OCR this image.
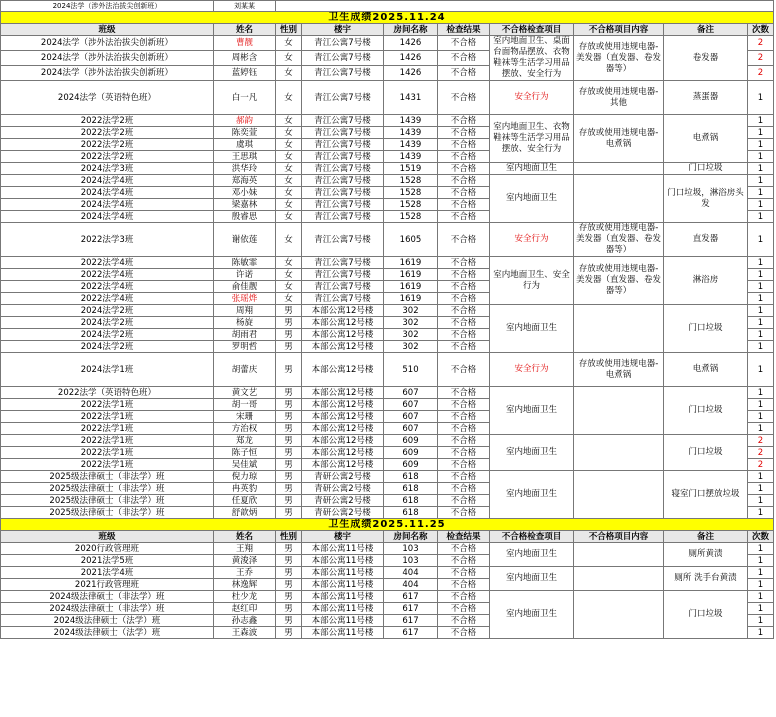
2024法学（涉外法治拔尖创新班）	刘某某								
卫生成绩2025.11.24									
班级	姓名	性别	楼宇	房间名称	检查结果	不合格检查项目	不合格项目内容	备注	次数
2024法学（涉外法治拔尖创新班）	曹靓	女	青江公寓7号楼	1426	不合格	室内地面卫生、桌面台面物品摆放、衣物鞋袜等生活学习用品摆放、安全行为	存放或使用违规电器-美发器（直发器、卷发器等）	卷发器	2
2024法学（涉外法治拔尖创新班）	周彬含	女	青江公寓7号楼	1426	不合格				2
2024法学（涉外法治拔尖创新班）	蓝婷钰	女	青江公寓7号楼	1426	不合格				2
2024法学（英语特色班）	白一凡	女	青江公寓7号楼	1431	不合格	安全行为	存放或使用违规电器-其他	蒸蛋器	1
2022法学2班	郝韵	女	青江公寓7号楼	1439	不合格	室内地面卫生、衣物鞋袜等生活学习用品摆放、安全行为	存放或使用违规电器-电煮锅	电煮锅	1
2022法学2班	陈奕萱	女	青江公寓7号楼	1439	不合格				1
2022法学2班	虞琪	女	青江公寓7号楼	1439	不合格				1
2022法学2班	王思琪	女	青江公寓7号楼	1439	不合格				1
2024法学3班	洪华玲	女	青江公寓7号楼	1519	不合格	室内地面卫生		门口垃圾	1
2024法学4班	郑海英	女	青江公寓7号楼	1528	不合格	室内地面卫生		门口垃圾，淋浴房头发	1
2024法学4班	邓小妹	女	青江公寓7号楼	1528	不合格				1
2024法学4班	梁嘉林	女	青江公寓7号楼	1528	不合格				1
2024法学4班	殷睿思	女	青江公寓7号楼	1528	不合格				1
2022法学3班	谢依莲	女	青江公寓7号楼	1605	不合格	安全行为	存放或使用违规电器-美发器（直发器、卷发器等）	直发器	1
2022法学4班	陈敏霏	女	青江公寓7号楼	1619	不合格	室内地面卫生、安全行为	存放或使用违规电器-美发器（直发器、卷发器等）	淋浴房	1
2022法学4班	许诺	女	青江公寓7号楼	1619	不合格				1
2022法学4班	俞佳靓	女	青江公寓7号楼	1619	不合格				1
2022法学4班	张瑶烨	女	青江公寓7号楼	1619	不合格				1
2024法学2班	周翔	男	本部公寓12号楼	302	不合格	室内地面卫生		门口垃圾	1
2024法学2班	杨旋	男	本部公寓12号楼	302	不合格				1
2024法学2班	胡雨君	男	本部公寓12号楼	302	不合格				1
2024法学2班	罗明哲	男	本部公寓12号楼	302	不合格				1
2024法学1班	胡蕾庆	男	本部公寓12号楼	510	不合格	安全行为	存放或使用违规电器-电煮锅	电煮锅	1
2022法学（英语特色班）	黄文艺	男	本部公寓12号楼	607	不合格	室内地面卫生		门口垃圾	1
2022法学1班	胡一哥	男	本部公寓12号楼	607	不合格				1
2022法学1班	宋珊	男	本部公寓12号楼	607	不合格				1
2022法学1班	方治权	男	本部公寓12号楼	607	不合格				1
2022法学1班	郑龙	男	本部公寓12号楼	609	不合格	室内地面卫生		门口垃圾	2
2022法学1班	陈子恒	男	本部公寓12号楼	609	不合格				2
2022法学1班	吴佳斌	男	本部公寓12号楼	609	不合格				2
2025级法律硕士（非法学）班	倪力琼	男	青研公寓2号楼	618	不合格	室内地面卫生		寝室门口摆放垃圾	1
2025级法律硕士（非法学）班	冉英豹	男	青研公寓2号楼	618	不合格				1
2025级法律硕士（非法学）班	任夏欣	男	青研公寓2号楼	618	不合格				1
2025级法律硕士（非法学）班	舒歆炳	男	青研公寓2号楼	618	不合格				1
卫生成绩2025.11.25									
班级	姓名	性别	楼宇	房间名称	检查结果	不合格检查项目	不合格项目内容	备注	次数
2020行政管理班	王翔	男	本部公寓11号楼	103	不合格	室内地面卫生		厕所黄渍	1
2021法学5班	黄浚泽	男	本部公寓11号楼	103	不合格				1
2021法学4班	王乔	男	本部公寓11号楼	404	不合格	室内地面卫生		厕所 洗手台黄渍	1
2021行政管理班	林逸辉	男	本部公寓11号楼	404	不合格				1
2024级法律硕士（非法学）班	杜少龙	男	本部公寓11号楼	617	不合格	室内地面卫生		门口垃圾	1
2024级法律硕士（非法学）班	赵红印	男	本部公寓11号楼	617	不合格				1
2024级法律硕士（法学）班	孙志鑫	男	本部公寓11号楼	617	不合格				1
2024级法律硕士（法学）班	王森波	男	本部公寓11号楼	617	不合格				1
